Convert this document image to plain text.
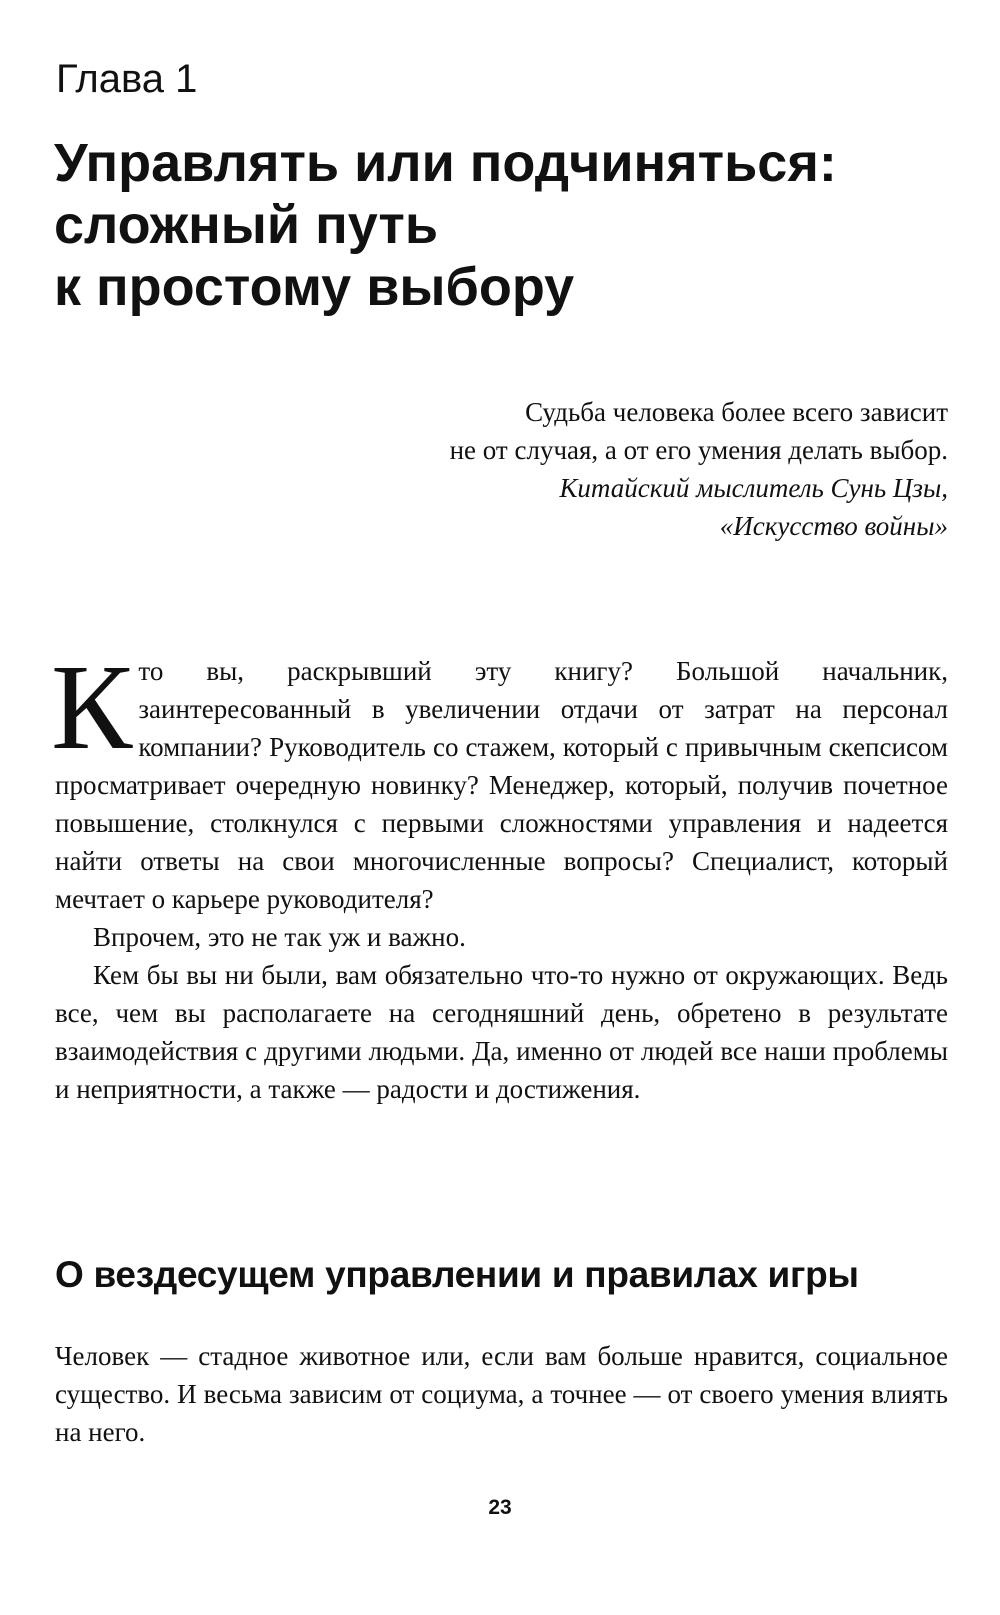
Глава 1
Управлять или подчиняться:
сложный путь
к простому выбору
Судьба человека более всего зависит
не от случая, а от его умения делать выбор.
Китайский мыслитель Сунь Цзы,
«Искусство войны»
К то вы, раскрывший эту книгу? Большой начальник, заинтересованный в увеличении отдачи от затрат на персонал компании? Руководитель со стажем, который с привычным скепсисом просматривает очередную новинку? Менеджер, который, получив почетное повышение, столкнулся с первыми сложностями управления и надеется найти ответы на свои многочисленные вопросы? Специалист, который мечтает о карьере руководителя?

Впрочем, это не так уж и важно.

Кем бы вы ни были, вам обязательно что-то нужно от окружающих. Ведь все, чем вы располагаете на сегодняшний день, обретено в результате взаимодействия с другими людьми. Да, именно от людей все наши проблемы и неприятности, а также — радости и достижения.

О вездесущем управлении и правилах игры

Человек — стадное животное или, если вам больше нравится, социальное существо. И весьма зависим от социума, а точнее — от своего умения влиять на него.

23
